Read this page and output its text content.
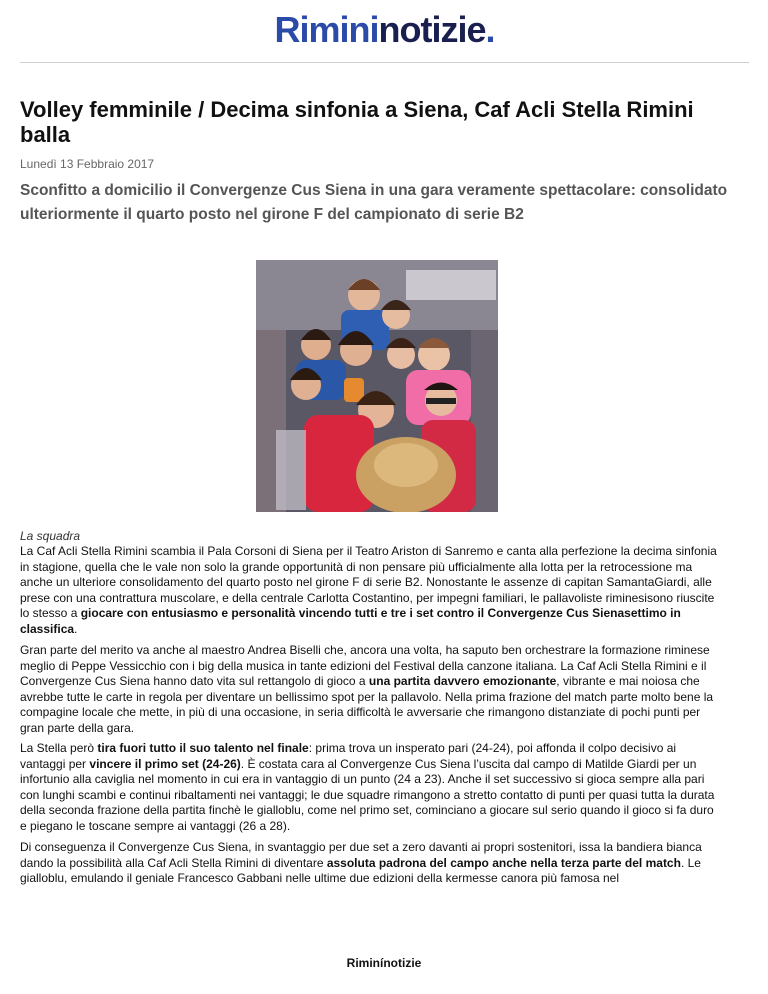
Rimininotizie.
Volley femminile / Decima sinfonia a Siena, Caf Acli Stella Rimini balla
Lunedì 13 Febbraio 2017
Sconfitto a domicilio il Convergenze Cus Siena in una gara veramente spettacolare: consolidato ulteriormente il quarto posto nel girone F del campionato di serie B2
La squadra

La Caf Acli Stella Rimini scambia il Pala Corsoni di Siena per il Teatro Ariston di Sanremo e canta alla perfezione la decima sinfonia in stagione, quella che le vale non solo la grande opportunità di non pensare più ufficialmente alla lotta per la retrocessione ma anche un ulteriore consolidamento del quarto posto nel girone F di serie B2. Nonostante le assenze di capitan SamantaGiardi, alle prese con una contrattura muscolare, e della centrale Carlotta Costantino, per impegni familiari, le pallavoliste riminesisono riuscite lo stesso a giocare con entusiasmo e personalità vincendo tutti e tre i set contro il Convergenze Cus Sienasettimo in classifica.

Gran parte del merito va anche al maestro Andrea Biselli che, ancora una volta, ha saputo ben orchestrare la formazione riminese meglio di Peppe Vessicchio con i big della musica in tante edizioni del Festival della canzone italiana. La Caf Acli Stella Rimini e il Convergenze Cus Siena hanno dato vita sul rettangolo di gioco a una partita davvero emozionante, vibrante e mai noiosa che avrebbe tutte le carte in regola per diventare un bellissimo spot per la pallavolo. Nella prima frazione del match parte molto bene la compagine locale che mette, in più di una occasione, in seria difficoltà le avversarie che rimangono distanziate di pochi punti per gran parte della gara.

La Stella però tira fuori tutto il suo talento nel finale: prima trova un insperato pari (24-24), poi affonda il colpo decisivo ai vantaggi per vincere il primo set (24-26). È costata cara al Convergenze Cus Siena l’uscita dal campo di Matilde Giardi per un infortunio alla caviglia nel momento in cui era in vantaggio di un punto (24 a 23). Anche il set successivo si gioca sempre alla pari con lunghi scambi e continui ribaltamenti nei vantaggi; le due squadre rimangono a stretto contatto di punti per quasi tutta la durata della seconda frazione della partita finchè le gialloblu, come nel primo set, cominciano a giocare sul serio quando il gioco si fa duro e piegano le toscane sempre ai vantaggi (26 a 28).

Di conseguenza il Convergenze Cus Siena, in svantaggio per due set a zero davanti ai propri sostenitori, issa la bandiera bianca dando la possibilità alla Caf Acli Stella Rimini di diventare assoluta padrona del campo anche nella terza parte del match. Le gialloblu, emulando il geniale Francesco Gabbani nelle ultime due edizioni della kermesse canora più famosa nel

Riminínotizie
